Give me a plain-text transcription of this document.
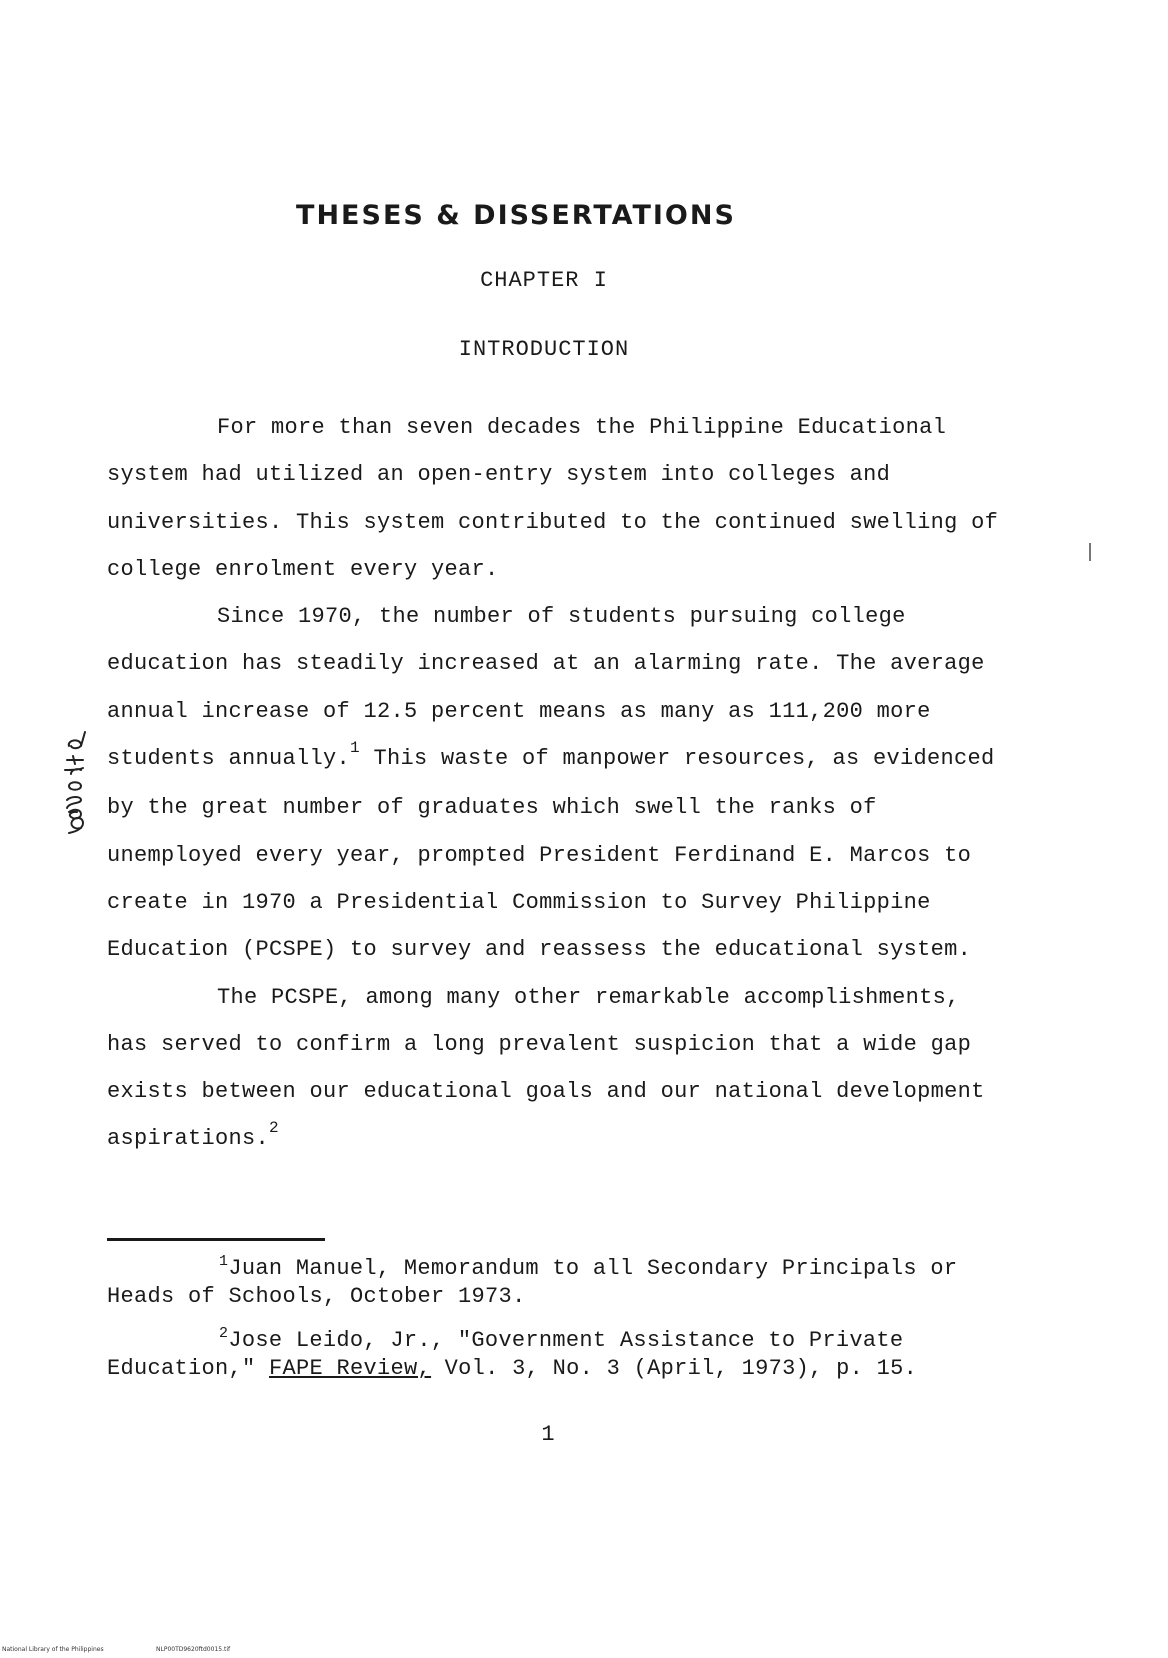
THESES & DISSERTATIONS
CHAPTER I
INTRODUCTION

For more than seven decades the Philippine Educational system had utilized an open-entry system into colleges and universities. This system contributed to the continued swelling of college enrolment every year.

Since 1970, the number of students pursuing college education has steadily increased at an alarming rate. The average annual increase of 12.5 percent means as many as 111,200 more students annually.$^1$ This waste of manpower resources, as evidenced by the great number of graduates which swell the ranks of unemployed every year, prompted President Ferdinand E. Marcos to create in 1970 a Presidential Commission to Survey Philippine Education (PCSPE) to survey and reassess the educational system.

The PCSPE, among many other remarkable accomplishments, has served to confirm a long prevalent suspicion that a wide gap exists between our educational goals and our national development aspirations.$^2$

$^1$Juan Manuel, Memorandum to all Secondary Principals or Heads of Schools, October 1973.

$^2$Jose Leido, Jr., "Government Assistance to Private Education," FAPE Review, Vol. 3, No. 3 (April, 1973), p. 15.

1
National Library of the Philippines	NLP00TD9620ftd0015.tif
